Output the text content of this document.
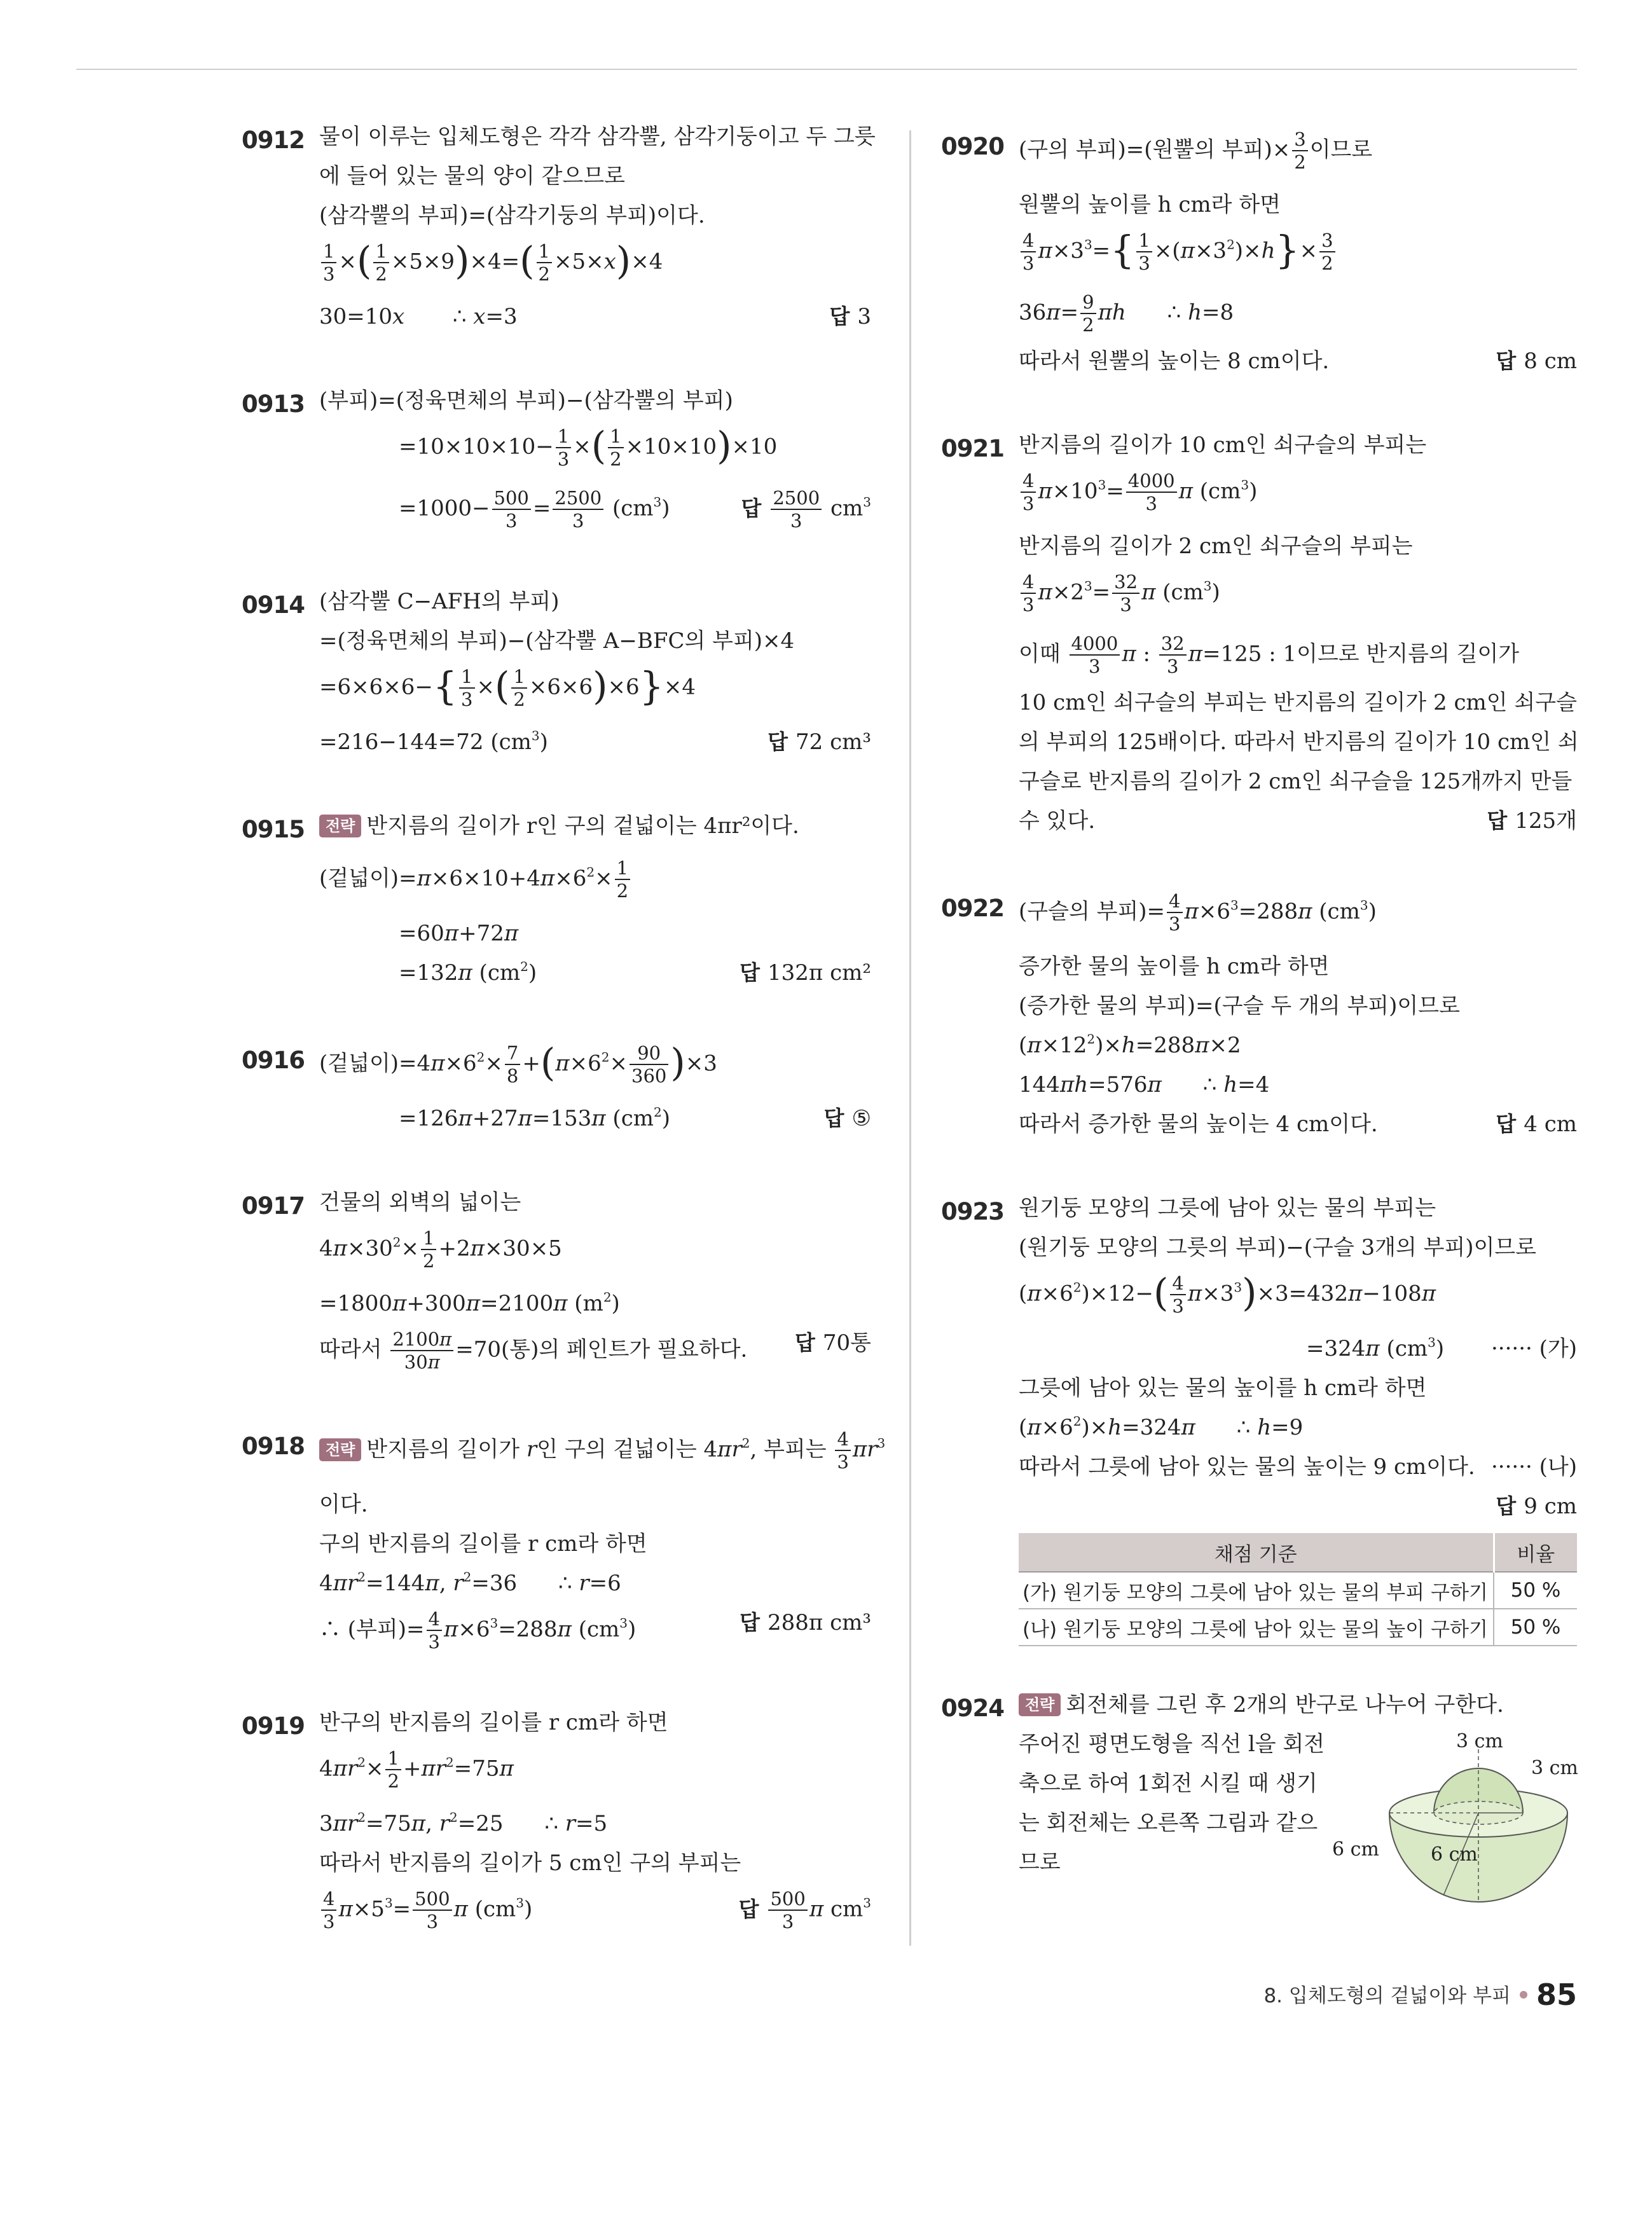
0912 물이 이루는 입체도형은 각각 삼각뿔, 삼각기둥이고 두 그릇
에 들어 있는 물의 양이 같으므로
(삼각뿔의 부피)=(삼각기둥의 부피)이다.
$\frac{1}{3}$ ×( $\frac{1}{2} \times 5\times 9)\times 4=( \frac{1}{2} \times 5\times x)\times 4$
30=10x       ∴ x=3	답 3
0913 (부피)=(정육면체의 부피)−(삼각뿔의 부피)
$=10\times 10\times 10- \frac{1}{3}$ ×( $\frac{1}{2} \times 10\times 10)\times 10$
$=1000- \frac{500}{3} = \frac{2500}{3} (cm^3)$	답 $\frac{2500}{3} cm^3$
0914 (삼각뿔 C−AFH의 부피)
=(정육면체의 부피)−(삼각뿔 A−BFC의 부피)×4
$=6\times 6\times 6-\{ \frac{1}{3}$ ×( $\frac{1}{2} \times 6\times 6)\times 6\}\times 4$
=216−144=72 $(cm^3)$	답 72 cm³
0915	전략 반지름의 길이가 r인 구의 겉넓이는 4πr²이다.
(겉넓이)$=\pi\times 6\times 10+4\pi\times 6^2\times \frac{1}{2}$
=60π+72π
=132π $(cm^2)$	답 132π cm²
0916 (겉넓이)$=4\pi\times 6^2\times \frac{7}{8} +(\pi\times 6^2\times \frac{90}{360} )\times 3$
=126π+27π=153π $(cm^2)$	답 ⑤
0917 건물의 외벽의 넓이는
$4\pi\times 30^2\times \frac{1}{2} +2\pi\times 30\times 5$
=1800π+300π=2100π $(m^2)$
따라서 $\frac{2100\pi}{30\pi} =70$(통)의 페인트가 필요하다. 답 70통
0918	전략 반지름의 길이가 r인 구의 겉넓이는 $4\pi r^2$, 부피는 $\frac{4}{3} \pi r^3$
이다.
구의 반지름의 길이를 r cm라 하면
$4\pi r^2=144\pi$, $r^2=36$      ∴ r=6
∴ (부피)= $\frac{4}{3} \pi\times 6^3=288\pi$ $(cm^3)$	답 288π cm³
0919 반구의 반지름의 길이를 r cm라 하면
$4\pi r^2\times \frac{1}{2} +\pi r^2=75\pi$
$3\pi r^2=75\pi$, $r^2=25$      ∴ r=5
따라서 반지름의 길이가 5 cm인 구의 부피는
$\frac{4}{3} \pi\times 5^3= \frac{500}{3}$ π $(cm^3)$	답 $\frac{500}{3}$ π $cm^3$
0920 (구의 부피)=(원뿔의 부피)× $\frac{3}{2}$ 이므로
원뿔의 높이를 h cm라 하면
$\frac{4}{3} \pi\times 3^3=\{ \frac{1}{3} \times(\pi\times 3^2)\times h\}\times \frac{3}{2}$
$36\pi= \frac{9}{2}$ πh      ∴ h=8
따라서 원뿔의 높이는 8 cm이다.	답 8 cm
0921 반지름의 길이가 10 cm인 쇠구슬의 부피는
$\frac{4}{3} \pi\times 10^3= \frac{4000}{3}$ π $(cm^3)$
반지름의 길이가 2 cm인 쇠구슬의 부피는
$\frac{4}{3} \pi\times 2^3= \frac{32}{3}$ π $(cm^3)$
이때 $\frac{4000}{3}$ π : $\frac{32}{3} \pi=125$ : 1이므로 반지름의 길이가
10 cm인 쇠구슬의 부피는 반지름의 길이가 2 cm인 쇠구슬
의 부피의 125배이다. 따라서 반지름의 길이가 10 cm인 쇠
구슬로 반지름의 길이가 2 cm인 쇠구슬을 125개까지 만들
수 있다.	답 125개
0922 (구슬의 부피)= $\frac{4}{3} \pi\times 6^3=288\pi$ $(cm^3)$
증가한 물의 높이를 h cm라 하면
(증가한 물의 부피)=(구슬 두 개의 부피)이므로
$(\pi\times 12^2)\times h=288\pi\times 2$
144πh=576π      ∴ h=4
따라서 증가한 물의 높이는 4 cm이다.	답 4 cm
0923 원기둥 모양의 그릇에 남아 있는 물의 부피는
(원기둥 모양의 그릇의 부피)−(구슬 3개의 부피)이므로
$(\pi\times 6^2)\times 12-( \frac{4}{3} \pi\times 3^3)\times 3=432\pi-108\pi$
=324π $(cm^3)$ ······ (가)
그릇에 남아 있는 물의 높이를 h cm라 하면
$(\pi\times 6^2)\times h=324\pi$      ∴ h=9
따라서 그릇에 남아 있는 물의 높이는 9 cm이다. ······ (나)
답 9 cm
채점 기준	비율
(가) 원기둥 모양의 그릇에 남아 있는 물의 부피 구하기	50 %
(나) 원기둥 모양의 그릇에 남아 있는 물의 높이 구하기	50 %
0924	전략 회전체를 그린 후 2개의 반구로 나누어 구한다.
주어진 평면도형을 직선 l을 회전
축으로 하여 1회전 시킬 때 생기
는 회전체는 오른쪽 그림과 같으
므로
3 cm
3 cm
6 cm	6 cm
8. 입체도형의 겉넓이와 부피 85
